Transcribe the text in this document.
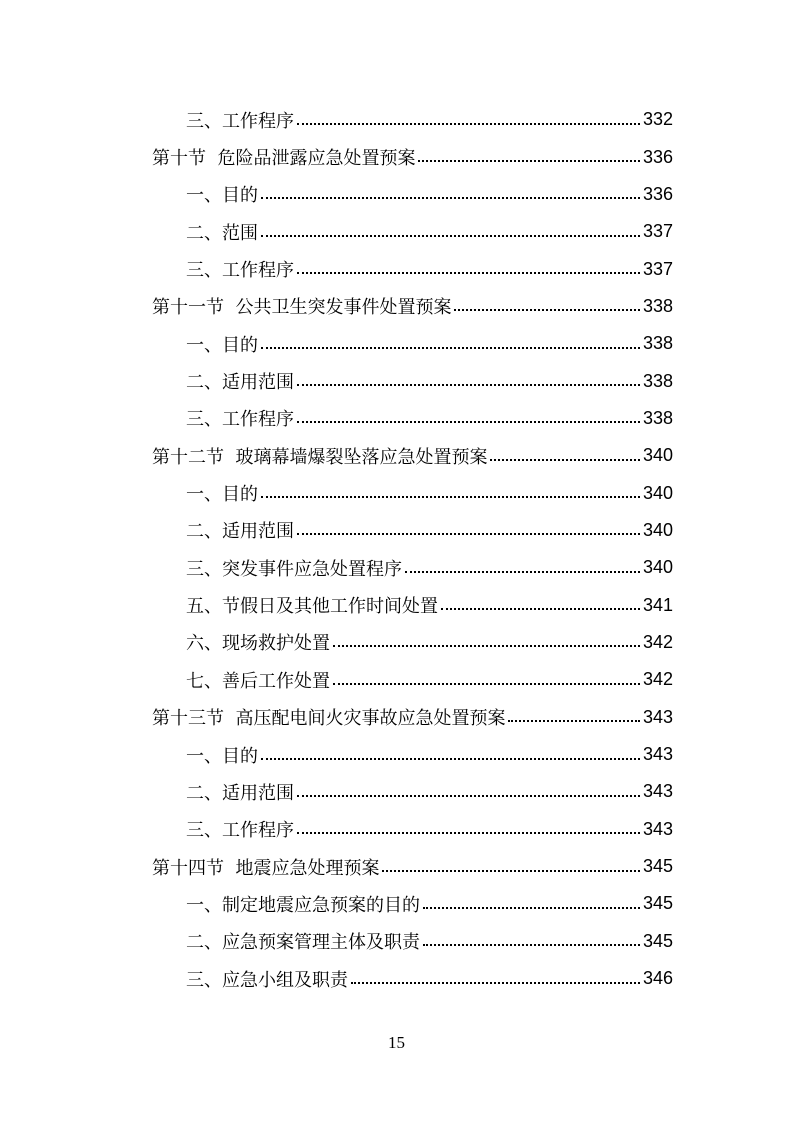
三、工作程序	332
第十节  危险品泄露应急处置预案	336
一、目的	336
二、范围	337
三、工作程序	337
第十一节  公共卫生突发事件处置预案	338
一、目的	338
二、适用范围	338
三、工作程序	338
第十二节  玻璃幕墙爆裂坠落应急处置预案	340
一、目的	340
二、适用范围	340
三、突发事件应急处置程序	340
五、节假日及其他工作时间处置	341
六、现场救护处置	342
七、善后工作处置	342
第十三节  高压配电间火灾事故应急处置预案	343
一、目的	343
二、适用范围	343
三、工作程序	343
第十四节  地震应急处理预案	345
一、制定地震应急预案的目的	345
二、应急预案管理主体及职责	345
三、应急小组及职责	346
15
